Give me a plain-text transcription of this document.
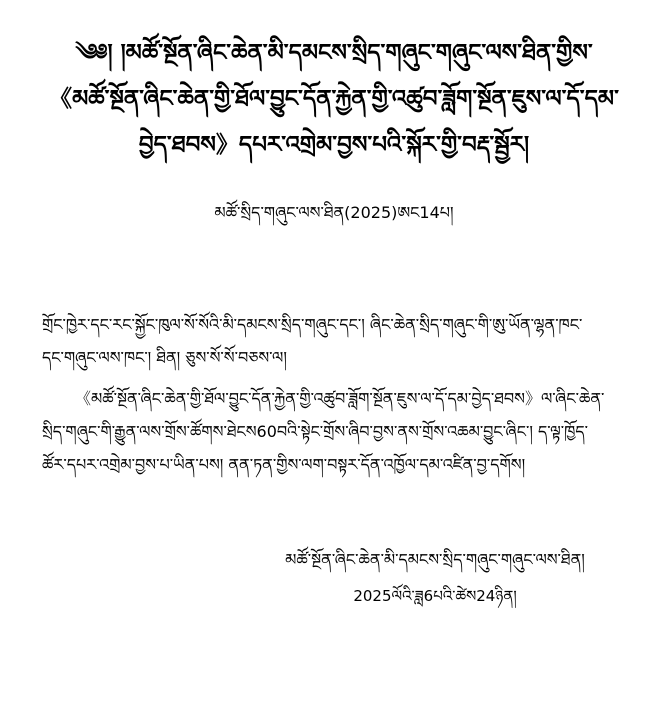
༄༅། །མཚོ་སྔོན་ཞིང་ཆེན་མི་དམངས་སྲིད་གཞུང་གཞུང་ལས་ཐིན་གྱིས་
《མཚོ་སྔོན་ཞིང་ཆེན་གྱི་ཐོལ་བྱུང་དོན་རྐྱེན་གྱི་འཚུབ་ཟློག་སྔོན་ཇུས་ལ་དོ་དམ་
བྱེད་ཐབས》དཔར་འགྲེམ་བྱས་པའི་སྐོར་གྱི་བརྡ་སྦྱོར།
མཚོ་སྲིད་གཞུང་ལས་ཐིན(2025)ཨང14པ།
གྲོང་ཁྱེར་དང་རང་སྐྱོང་ཁུལ་སོ་སོའི་མི་དམངས་སྲིད་གཞུང་དང་། ཞིང་ཆེན་སྲིད་གཞུང་གི་ཨུ་ཡོན་ལྷན་ཁང་
དང་གཞུང་ལས་ཁང་། ཐིན། ཅུས་སོ་སོ་བཅས་ལ།
《མཚོ་སྔོན་ཞིང་ཆེན་གྱི་ཐོལ་བྱུང་དོན་རྐྱེན་གྱི་འཚུབ་ཟློག་སྔོན་ཇུས་ལ་དོ་དམ་བྱེད་ཐབས》ལ་ཞིང་ཆེན་
སྲིད་གཞུང་གི་རྒྱུན་ལས་གྲོས་ཚོགས་ཐེངས60བའི་སྟེང་གྲོས་ཞིབ་བྱས་ནས་གྲོས་འཆམ་བྱུང་ཞིང་། ད་ལྟ་ཁྱོད་
ཚོར་དཔར་འགྲེམ་བྱས་པ་ཡིན་པས། ནན་ཏན་གྱིས་ལག་བསྟར་དོན་འཁྱོལ་དམ་འཛིན་བྱ་དགོས།
མཚོ་སྔོན་ཞིང་ཆེན་མི་དམངས་སྲིད་གཞུང་གཞུང་ལས་ཐིན།
2025ལོའི་ཟླ6པའི་ཚེས24ཉིན།
